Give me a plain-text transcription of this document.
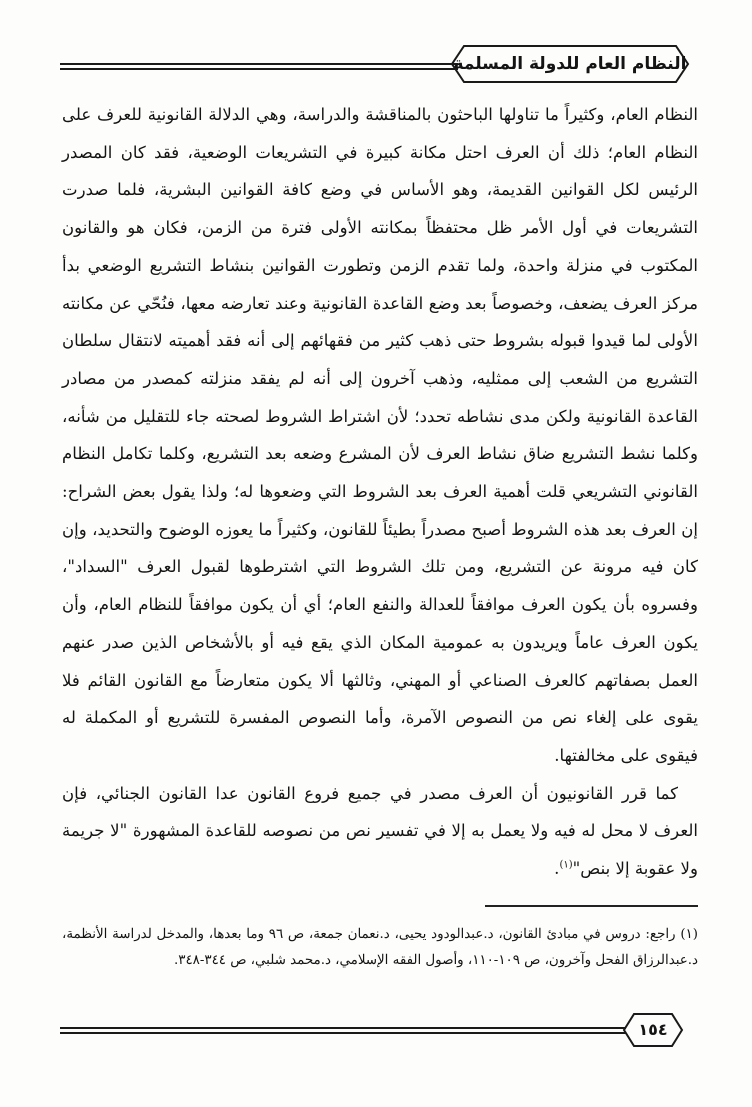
النظام العام للدولة المسلمة

النظام العام، وكثيراً ما تناولها الباحثون بالمناقشة والدراسة، وهي الدلالة القانونية للعرف على النظام العام؛ ذلك أن العرف احتل مكانة كبيرة في التشريعات الوضعية، فقد كان المصدر الرئيس لكل القوانين القديمة، وهو الأساس في وضع كافة القوانين البشرية، فلما صدرت التشريعات في أول الأمر ظل محتفظاً بمكانته الأولى فترة من الزمن، فكان هو والقانون المكتوب في منزلة واحدة، ولما تقدم الزمن وتطورت القوانين بنشاط التشريع الوضعي بدأ مركز العرف يضعف، وخصوصاً بعد وضع القاعدة القانونية وعند تعارضه معها، فنُحّي عن مكانته الأولى لما قيدوا قبوله بشروط حتى ذهب كثير من فقهائهم إلى أنه فقد أهميته لانتقال سلطان التشريع من الشعب إلى ممثليه، وذهب آخرون إلى أنه لم يفقد منزلته كمصدر من مصادر القاعدة القانونية ولكن مدى نشاطه تحدد؛ لأن اشتراط الشروط لصحته جاء للتقليل من شأنه، وكلما نشط التشريع ضاق نشاط العرف لأن المشرع وضعه بعد التشريع، وكلما تكامل النظام القانوني التشريعي قلت أهمية العرف بعد الشروط التي وضعوها له؛ ولذا يقول بعض الشراح: إن العرف بعد هذه الشروط أصبح مصدراً بطيئاً للقانون، وكثيراً ما يعوزه الوضوح والتحديد، وإن كان فيه مرونة عن التشريع، ومن تلك الشروط التي اشترطوها لقبول العرف "السداد"، وفسروه بأن يكون العرف موافقاً للعدالة والنفع العام؛ أي أن يكون موافقاً للنظام العام، وأن يكون العرف عاماً ويريدون به عمومية المكان الذي يقع فيه أو بالأشخاص الذين صدر عنهم العمل بصفاتهم كالعرف الصناعي أو المهني، وثالثها ألا يكون متعارضاً مع القانون القائم فلا يقوى على إلغاء نص من النصوص الآمرة، وأما النصوص المفسرة للتشريع أو المكملة له فيقوى على مخالفتها.

كما قرر القانونيون أن العرف مصدر في جميع فروع القانون عدا القانون الجنائي، فإن العرف لا محل له فيه ولا يعمل به إلا في تفسير نص من نصوصه للقاعدة المشهورة "لا جريمة ولا عقوبة إلا بنص"$^{(١)}$.

(١) راجع: دروس في مبادئ القانون، د.عبدالودود يحيى، د.نعمان جمعة، ص ٩٦ وما بعدها، والمدخل لدراسة الأنظمة، د.عبدالرزاق الفحل وآخرون، ص ١٠٩-١١٠، وأصول الفقه الإسلامي، د.محمد شلبي، ص ٣٤٤-٣٤٨.

١٥٤
